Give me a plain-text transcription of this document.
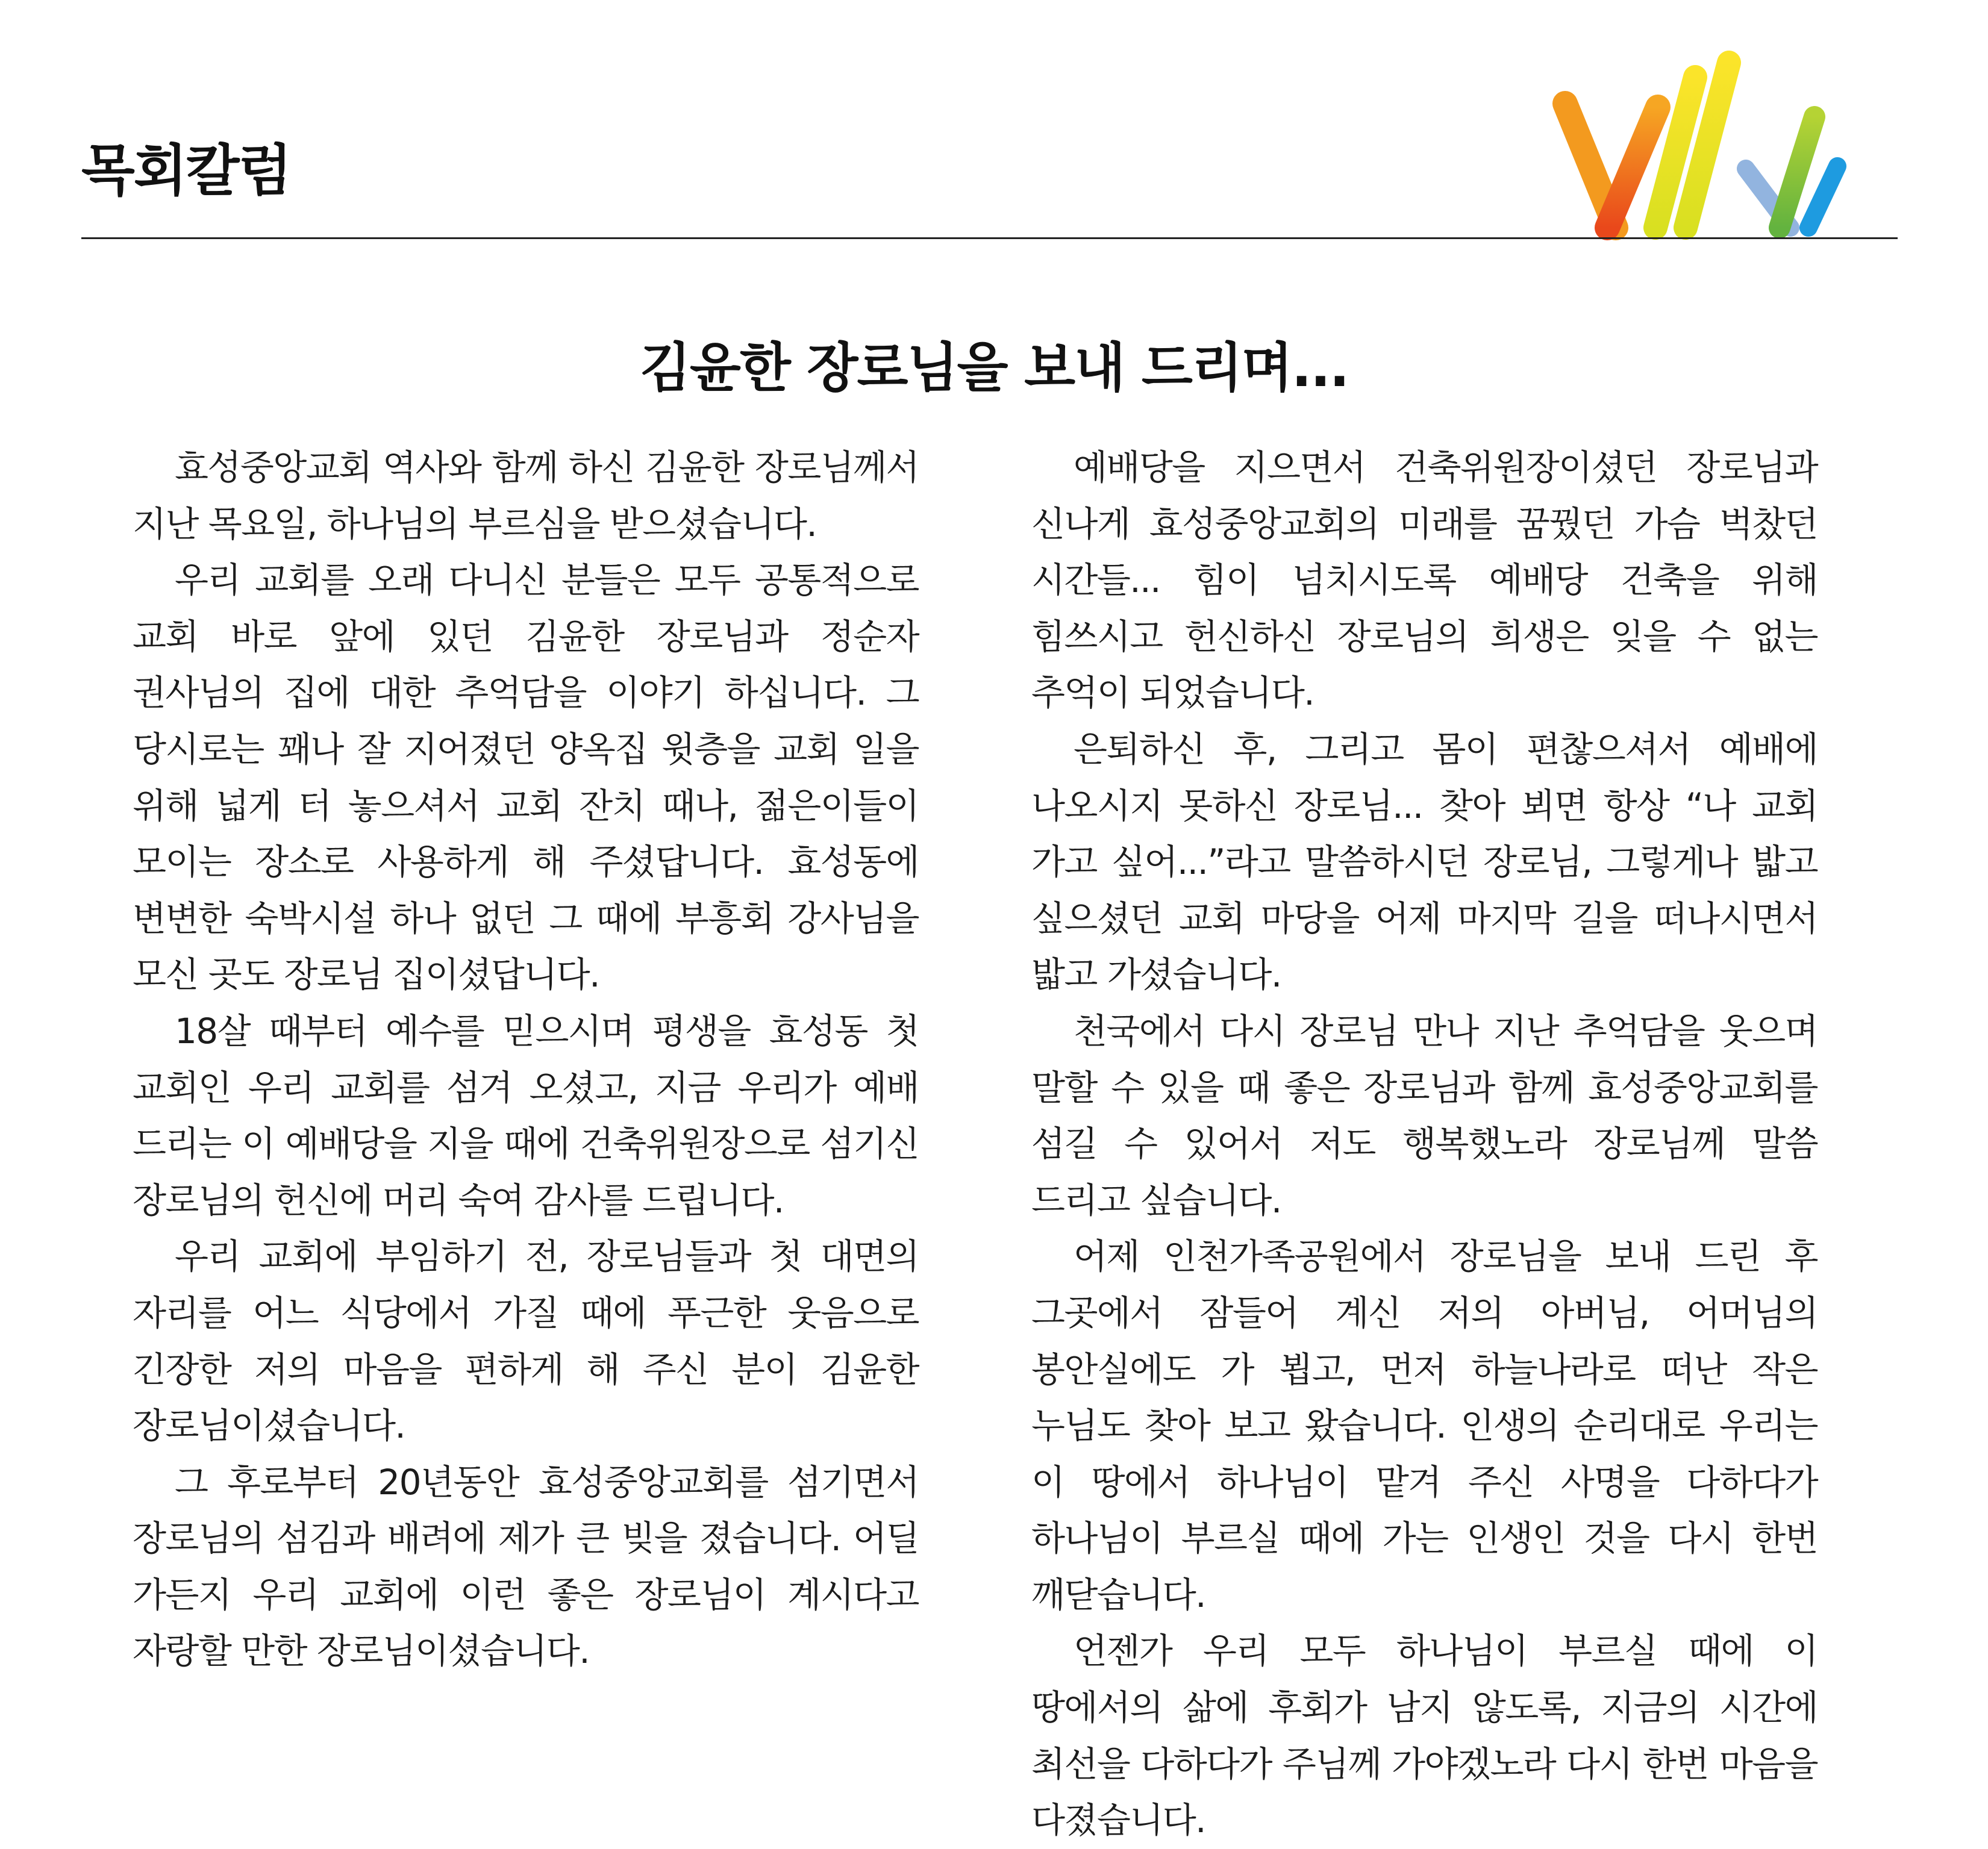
목회칼럼
김윤한 장로님을 보내 드리며...

효성중앙교회 역사와 함께 하신 김윤한 장로님께서 지난 목요일, 하나님의 부르심을 받으셨습니다.

우리 교회를 오래 다니신 분들은 모두 공통적으로 교회 바로 앞에 있던 김윤한 장로님과 정순자 권사님의 집에 대한 추억담을 이야기 하십니다. 그 당시로는 꽤나 잘 지어졌던 양옥집 윗층을 교회 일을 위해 넓게 터 놓으셔서 교회 잔치 때나, 젊은이들이 모이는 장소로 사용하게 해 주셨답니다. 효성동에 변변한 숙박시설 하나 없던 그 때에 부흥회 강사님을 모신 곳도 장로님 집이셨답니다.

18살 때부터 예수를 믿으시며 평생을 효성동 첫 교회인 우리 교회를 섬겨 오셨고, 지금 우리가 예배 드리는 이 예배당을 지을 때에 건축위원장으로 섬기신 장로님의 헌신에 머리 숙여 감사를 드립니다.

우리 교회에 부임하기 전, 장로님들과 첫 대면의 자리를 어느 식당에서 가질 때에 푸근한 웃음으로 긴장한 저의 마음을 편하게 해 주신 분이 김윤한 장로님이셨습니다.

그 후로부터 20년동안 효성중앙교회를 섬기면서 장로님의 섬김과 배려에 제가 큰 빚을 졌습니다. 어딜 가든지 우리 교회에 이런 좋은 장로님이 계시다고 자랑할 만한 장로님이셨습니다.

예배당을 지으면서 건축위원장이셨던 장로님과 신나게 효성중앙교회의 미래를 꿈꿨던 가슴 벅찼던 시간들... 힘이 넘치시도록 예배당 건축을 위해 힘쓰시고 헌신하신 장로님의 희생은 잊을 수 없는 추억이 되었습니다.

은퇴하신 후, 그리고 몸이 편찮으셔서 예배에 나오시지 못하신 장로님... 찾아 뵈면 항상 “나 교회 가고 싶어...”라고 말씀하시던 장로님, 그렇게나 밟고 싶으셨던 교회 마당을 어제 마지막 길을 떠나시면서 밟고 가셨습니다.

천국에서 다시 장로님 만나 지난 추억담을 웃으며 말할 수 있을 때 좋은 장로님과 함께 효성중앙교회를 섬길 수 있어서 저도 행복했노라 장로님께 말씀 드리고 싶습니다.

어제 인천가족공원에서 장로님을 보내 드린 후 그곳에서 잠들어 계신 저의 아버님, 어머님의 봉안실에도 가 뵙고, 먼저 하늘나라로 떠난 작은 누님도 찾아 보고 왔습니다. 인생의 순리대로 우리는 이 땅에서 하나님이 맡겨 주신 사명을 다하다가 하나님이 부르실 때에 가는 인생인 것을 다시 한번 깨닫습니다.

언젠가 우리 모두 하나님이 부르실 때에 이 땅에서의 삶에 후회가 남지 않도록, 지금의 시간에 최선을 다하다가 주님께 가야겠노라 다시 한번 마음을 다졌습니다.
